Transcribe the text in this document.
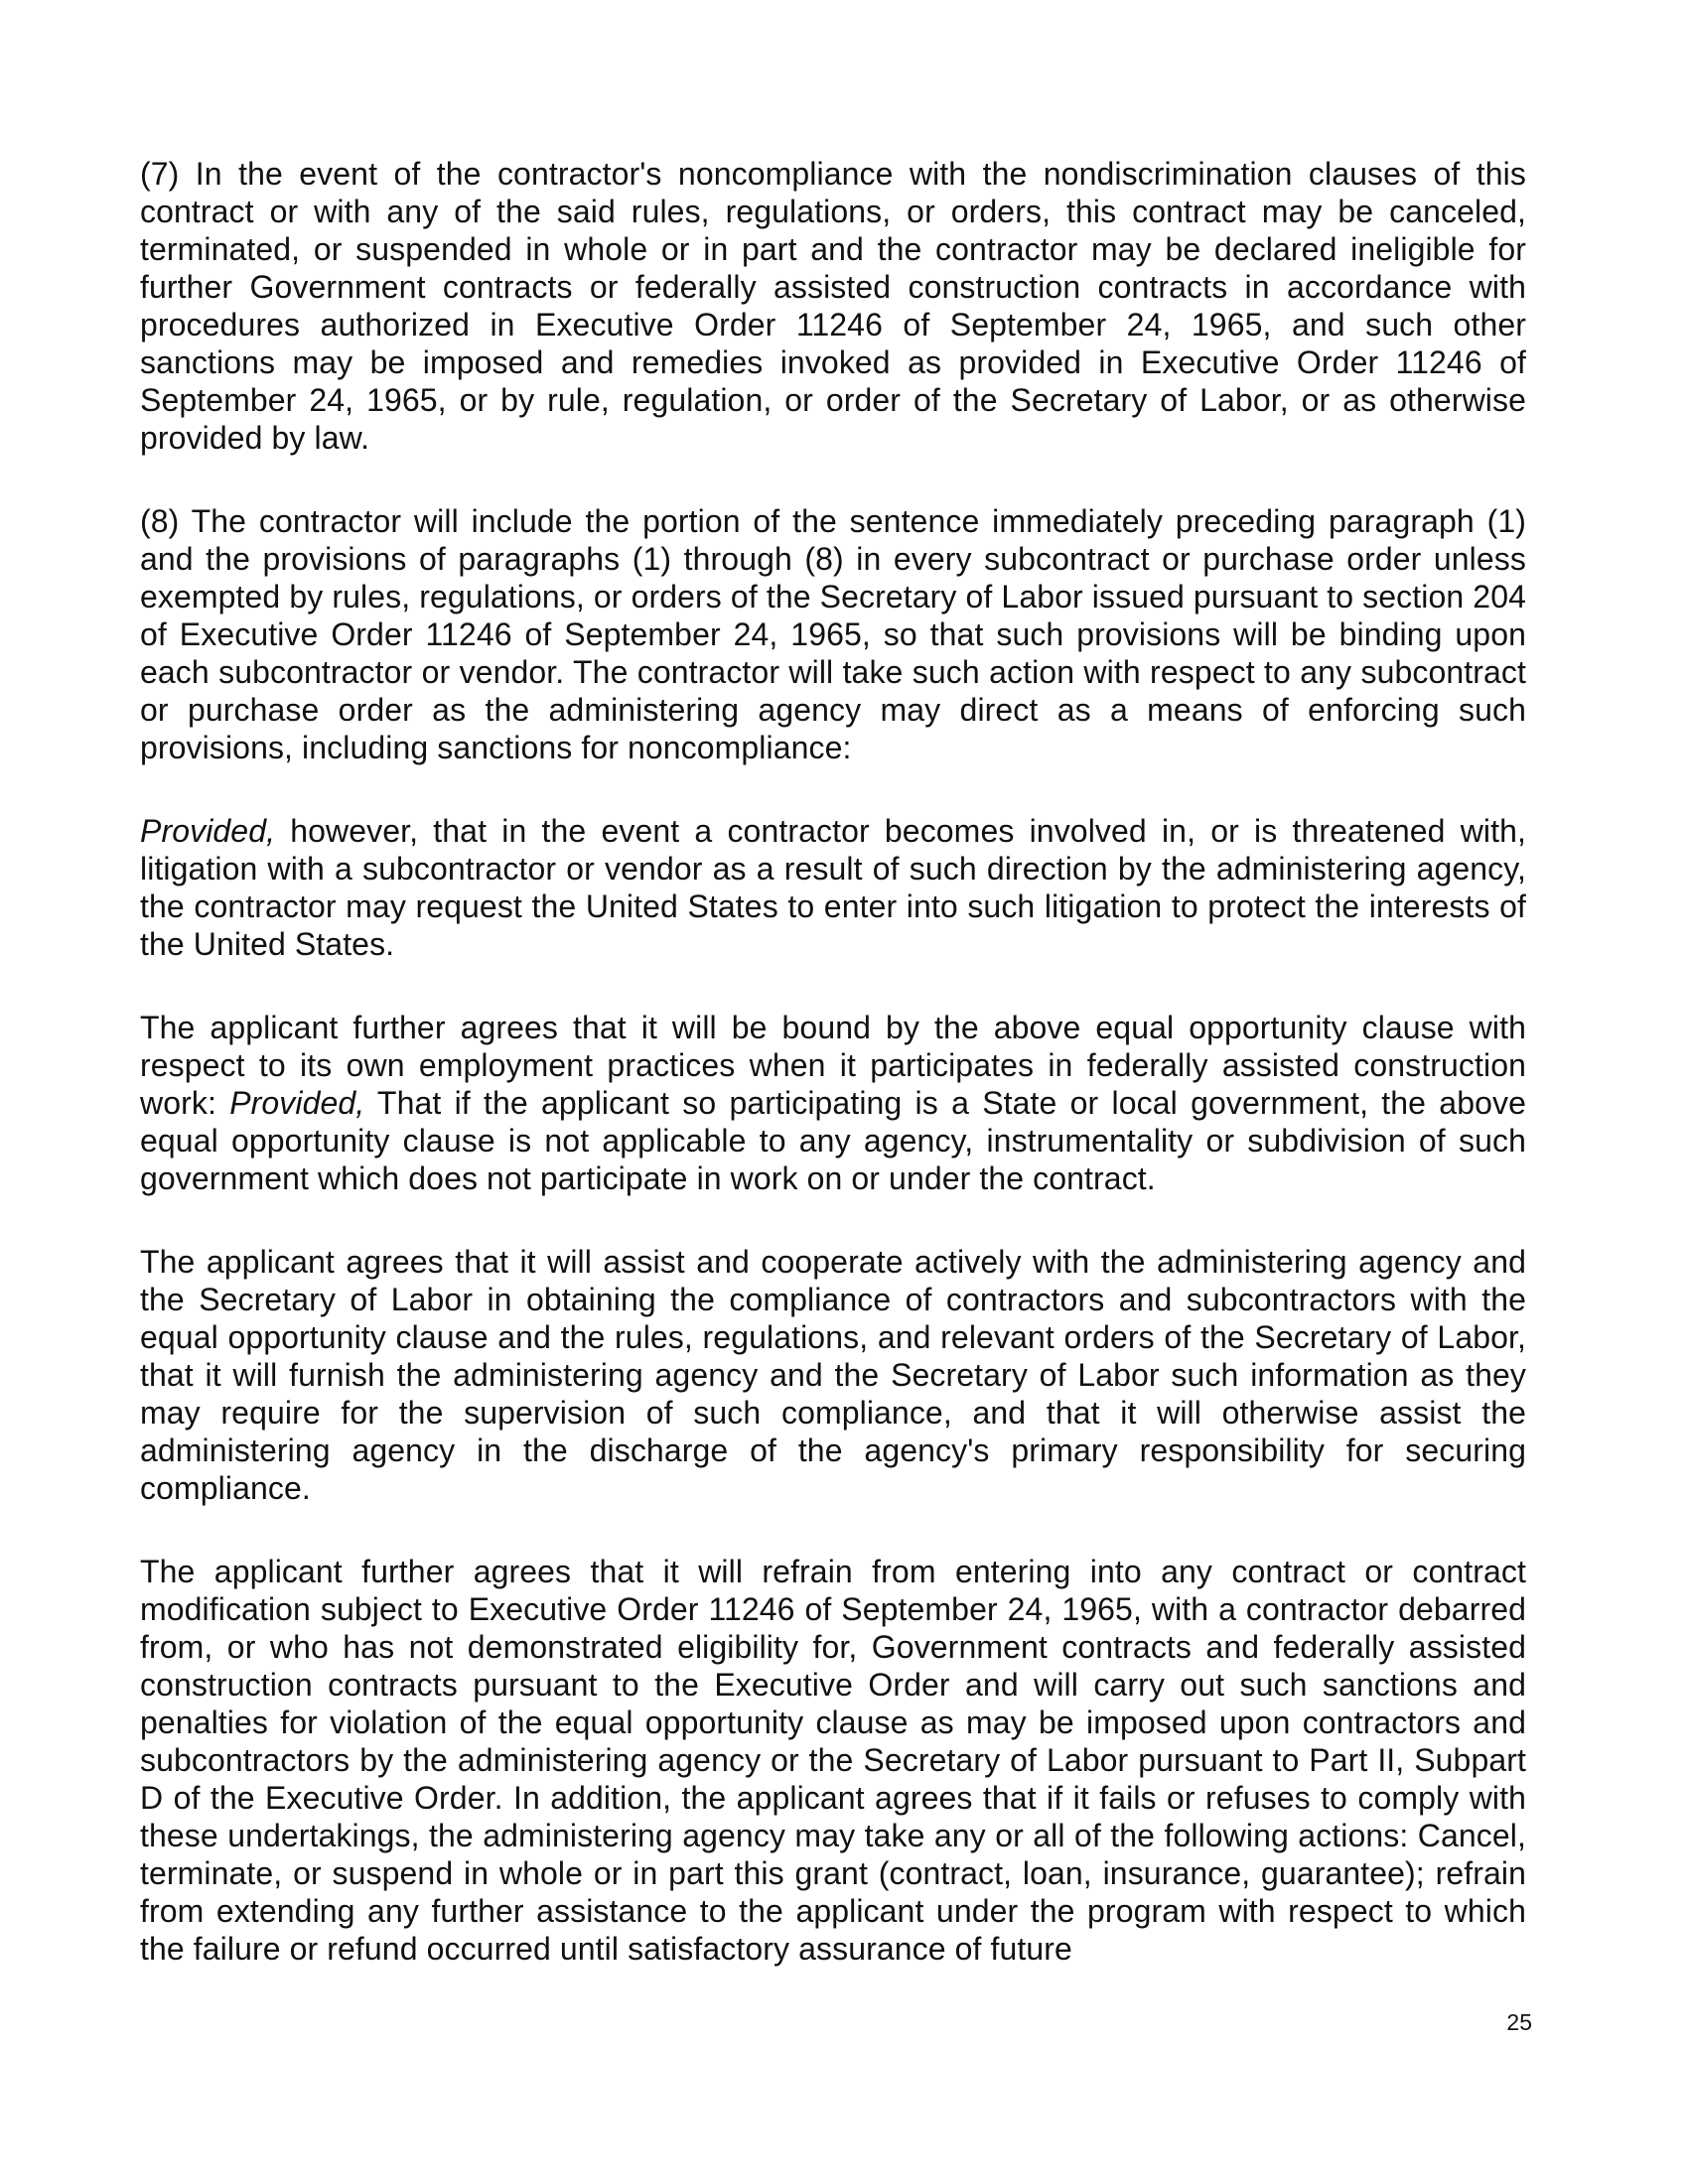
(7) In the event of the contractor's noncompliance with the nondiscrimination clauses of this contract or with any of the said rules, regulations, or orders, this contract may be canceled, terminated, or suspended in whole or in part and the contractor may be declared ineligible for further Government contracts or federally assisted construction contracts in accordance with procedures authorized in Executive Order 11246 of September 24, 1965, and such other sanctions may be imposed and remedies invoked as provided in Executive Order 11246 of September 24, 1965, or by rule, regulation, or order of the Secretary of Labor, or as otherwise provided by law.

(8) The contractor will include the portion of the sentence immediately preceding paragraph (1) and the provisions of paragraphs (1) through (8) in every subcontract or purchase order unless exempted by rules, regulations, or orders of the Secretary of Labor issued pursuant to section 204 of Executive Order 11246 of September 24, 1965, so that such provisions will be binding upon each subcontractor or vendor. The contractor will take such action with respect to any subcontract or purchase order as the administering agency may direct as a means of enforcing such provisions, including sanctions for noncompliance:

Provided, however, that in the event a contractor becomes involved in, or is threatened with, litigation with a subcontractor or vendor as a result of such direction by the administering agency, the contractor may request the United States to enter into such litigation to protect the interests of the United States.

The applicant further agrees that it will be bound by the above equal opportunity clause with respect to its own employment practices when it participates in federally assisted construction work: Provided, That if the applicant so participating is a State or local government, the above equal opportunity clause is not applicable to any agency, instrumentality or subdivision of such government which does not participate in work on or under the contract.

The applicant agrees that it will assist and cooperate actively with the administering agency and the Secretary of Labor in obtaining the compliance of contractors and subcontractors with the equal opportunity clause and the rules, regulations, and relevant orders of the Secretary of Labor, that it will furnish the administering agency and the Secretary of Labor such information as they may require for the supervision of such compliance, and that it will otherwise assist the administering agency in the discharge of the agency's primary responsibility for securing compliance.

The applicant further agrees that it will refrain from entering into any contract or contract modification subject to Executive Order 11246 of September 24, 1965, with a contractor debarred from, or who has not demonstrated eligibility for, Government contracts and federally assisted construction contracts pursuant to the Executive Order and will carry out such sanctions and penalties for violation of the equal opportunity clause as may be imposed upon contractors and subcontractors by the administering agency or the Secretary of Labor pursuant to Part II, Subpart D of the Executive Order. In addition, the applicant agrees that if it fails or refuses to comply with these undertakings, the administering agency may take any or all of the following actions: Cancel, terminate, or suspend in whole or in part this grant (contract, loan, insurance, guarantee); refrain from extending any further assistance to the applicant under the program with respect to which the failure or refund occurred until satisfactory assurance of future

25
